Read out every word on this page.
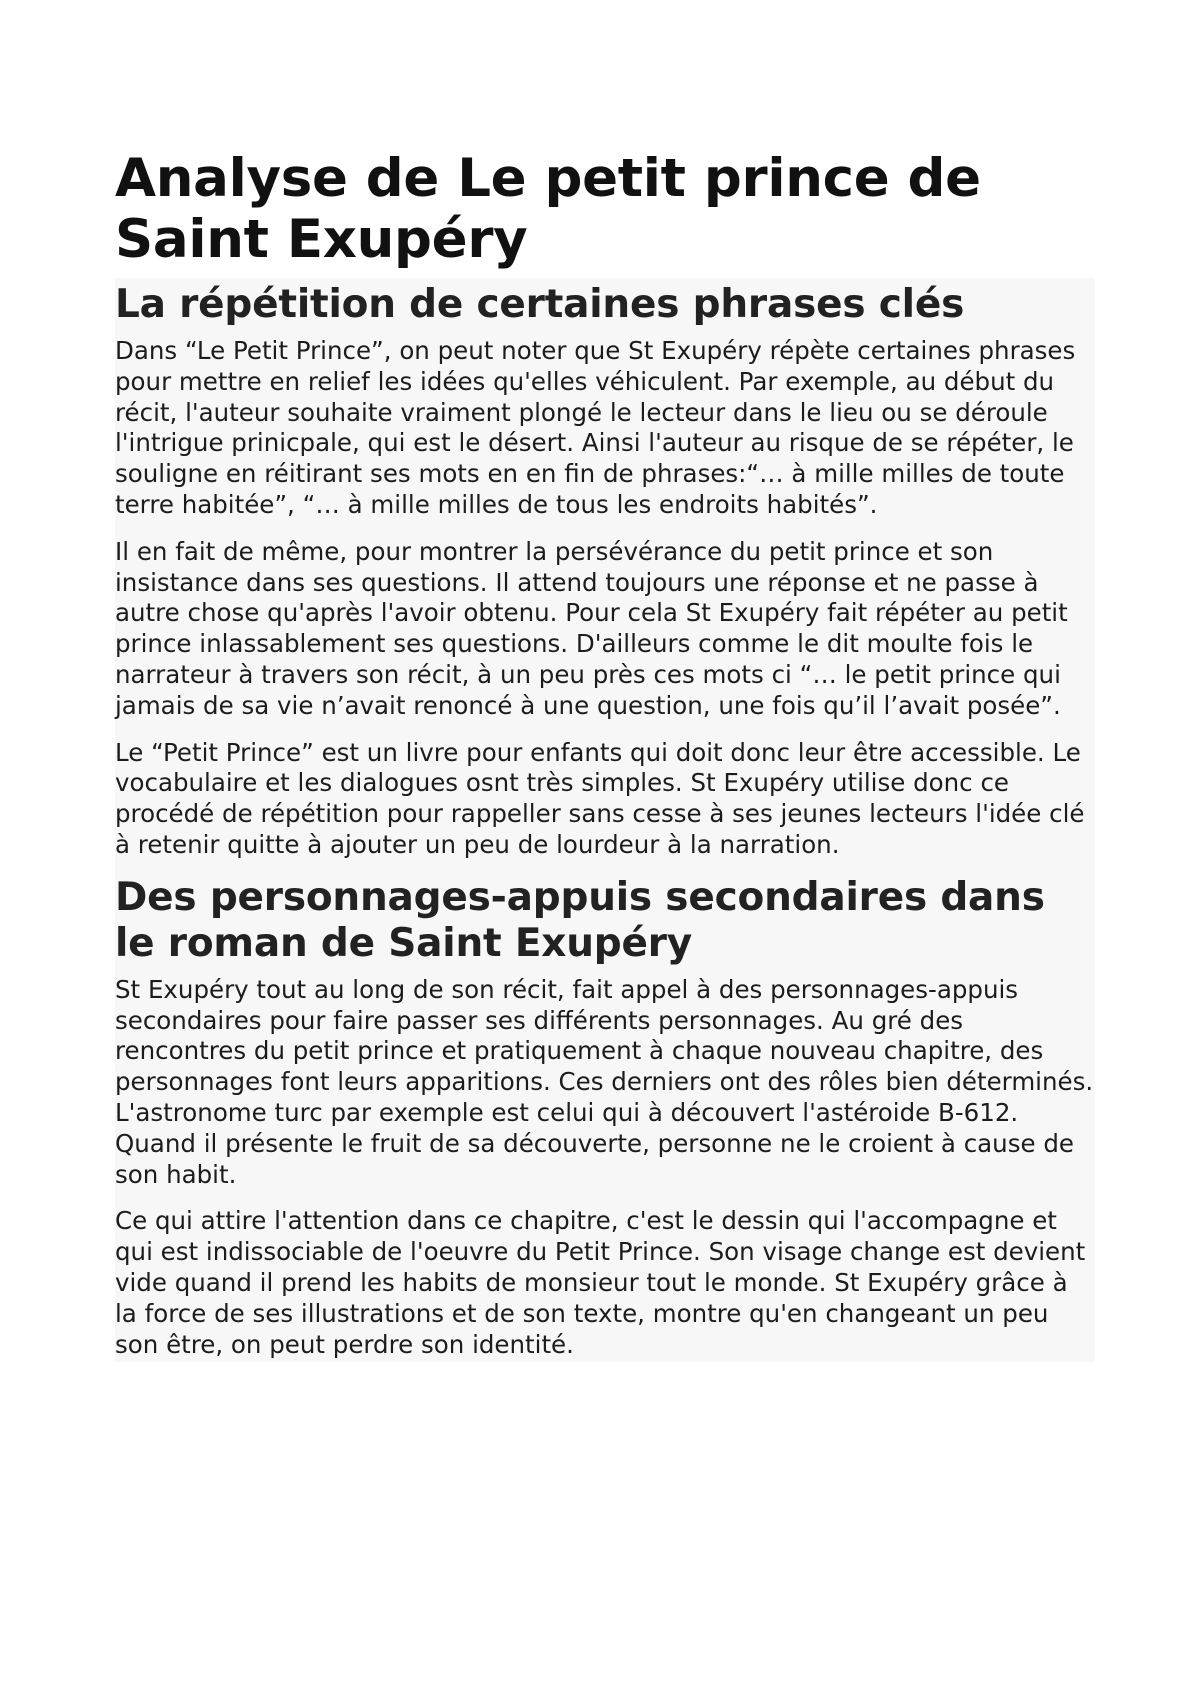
Analyse de Le petit prince de Saint Exupéry
La répétition de certaines phrases clés

Dans “Le Petit Prince”, on peut noter que St Exupéry répète certaines phrases pour mettre en relief les idées qu'elles véhiculent. Par exemple, au début du récit, l'auteur souhaite vraiment plongé le lecteur dans le lieu ou se déroule l'intrigue prinicpale, qui est le désert. Ainsi l'auteur au risque de se répéter, le souligne en réitirant ses mots en en fin de phrases:“… à mille milles de toute terre habitée”, “… à mille milles de tous les endroits habités”.

Il en fait de même, pour montrer la persévérance du petit prince et son insistance dans ses questions. Il attend toujours une réponse et ne passe à autre chose qu'après l'avoir obtenu. Pour cela St Exupéry fait répéter au petit prince inlassablement ses questions. D'ailleurs comme le dit moulte fois le narrateur à travers son récit, à un peu près ces mots ci “… le petit prince qui jamais de sa vie n’avait renoncé à une question, une fois qu’il l’avait posée”.

Le “Petit Prince” est un livre pour enfants qui doit donc leur être accessible. Le vocabulaire et les dialogues osnt très simples. St Exupéry utilise donc ce procédé de répétition pour rappeller sans cesse à ses jeunes lecteurs l'idée clé à retenir quitte à ajouter un peu de lourdeur à la narration.

Des personnages-appuis secondaires dans le roman de Saint Exupéry

St Exupéry tout au long de son récit, fait appel à des personnages-appuis secondaires pour faire passer ses différents personnages. Au gré des rencontres du petit prince et pratiquement à chaque nouveau chapitre, des personnages font leurs apparitions. Ces derniers ont des rôles bien déterminés. L'astronome turc par exemple est celui qui à découvert l'astéroide B-612. Quand il présente le fruit de sa découverte, personne ne le croient à cause de son habit.

Ce qui attire l'attention dans ce chapitre, c'est le dessin qui l'accompagne et qui est indissociable de l'oeuvre du Petit Prince. Son visage change est devient vide quand il prend les habits de monsieur tout le monde. St Exupéry grâce à la force de ses illustrations et de son texte, montre qu'en changeant un peu son être, on peut perdre son identité.
